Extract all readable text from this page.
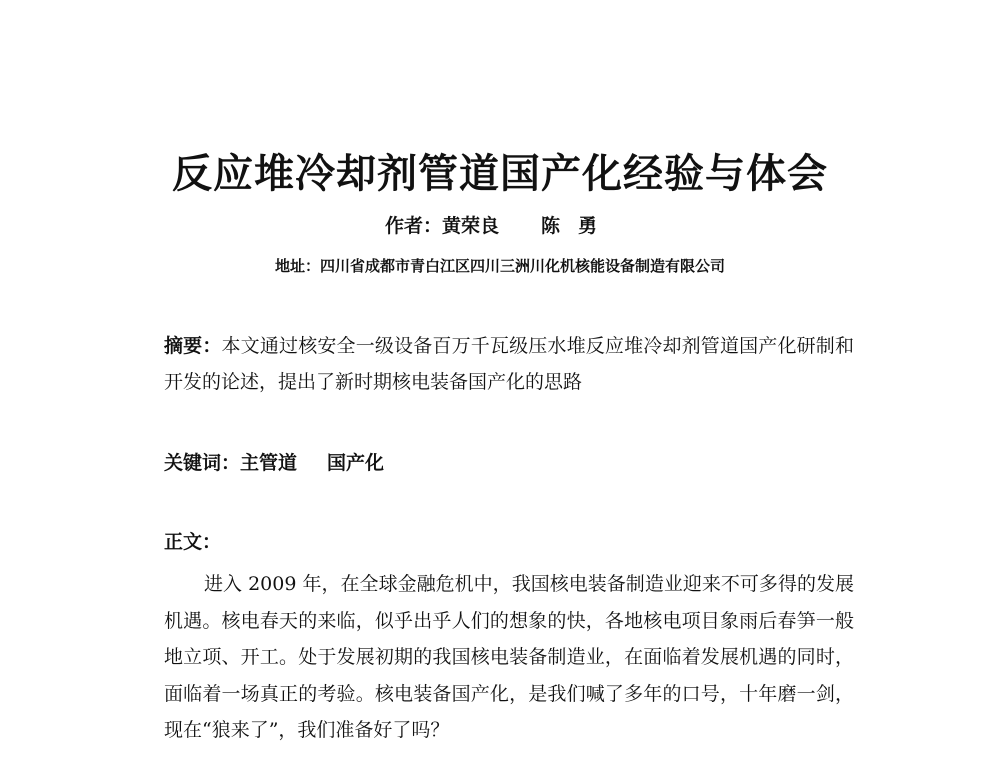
反应堆冷却剂管道国产化经验与体会
作者：黄荣良 陈勇
地址：四川省成都市青白江区四川三洲川化机核能设备制造有限公司

摘要：本文通过核安全一级设备百万千瓦级压水堆反应堆冷却剂管道国产化研制和开发的论述，提出了新时期核电装备国产化的思路

关键词：主管道 国产化
正文：

进入 2009 年，在全球金融危机中，我国核电装备制造业迎来不可多得的发展机遇。核电春天的来临，似乎出乎人们的想象的快，各地核电项目象雨后春笋一般地立项、开工。处于发展初期的我国核电装备制造业，在面临着发展机遇的同时，面临着一场真正的考验。核电装备国产化，是我们喊了多年的口号，十年磨一剑，现在“狼来了”，我们准备好了吗？
